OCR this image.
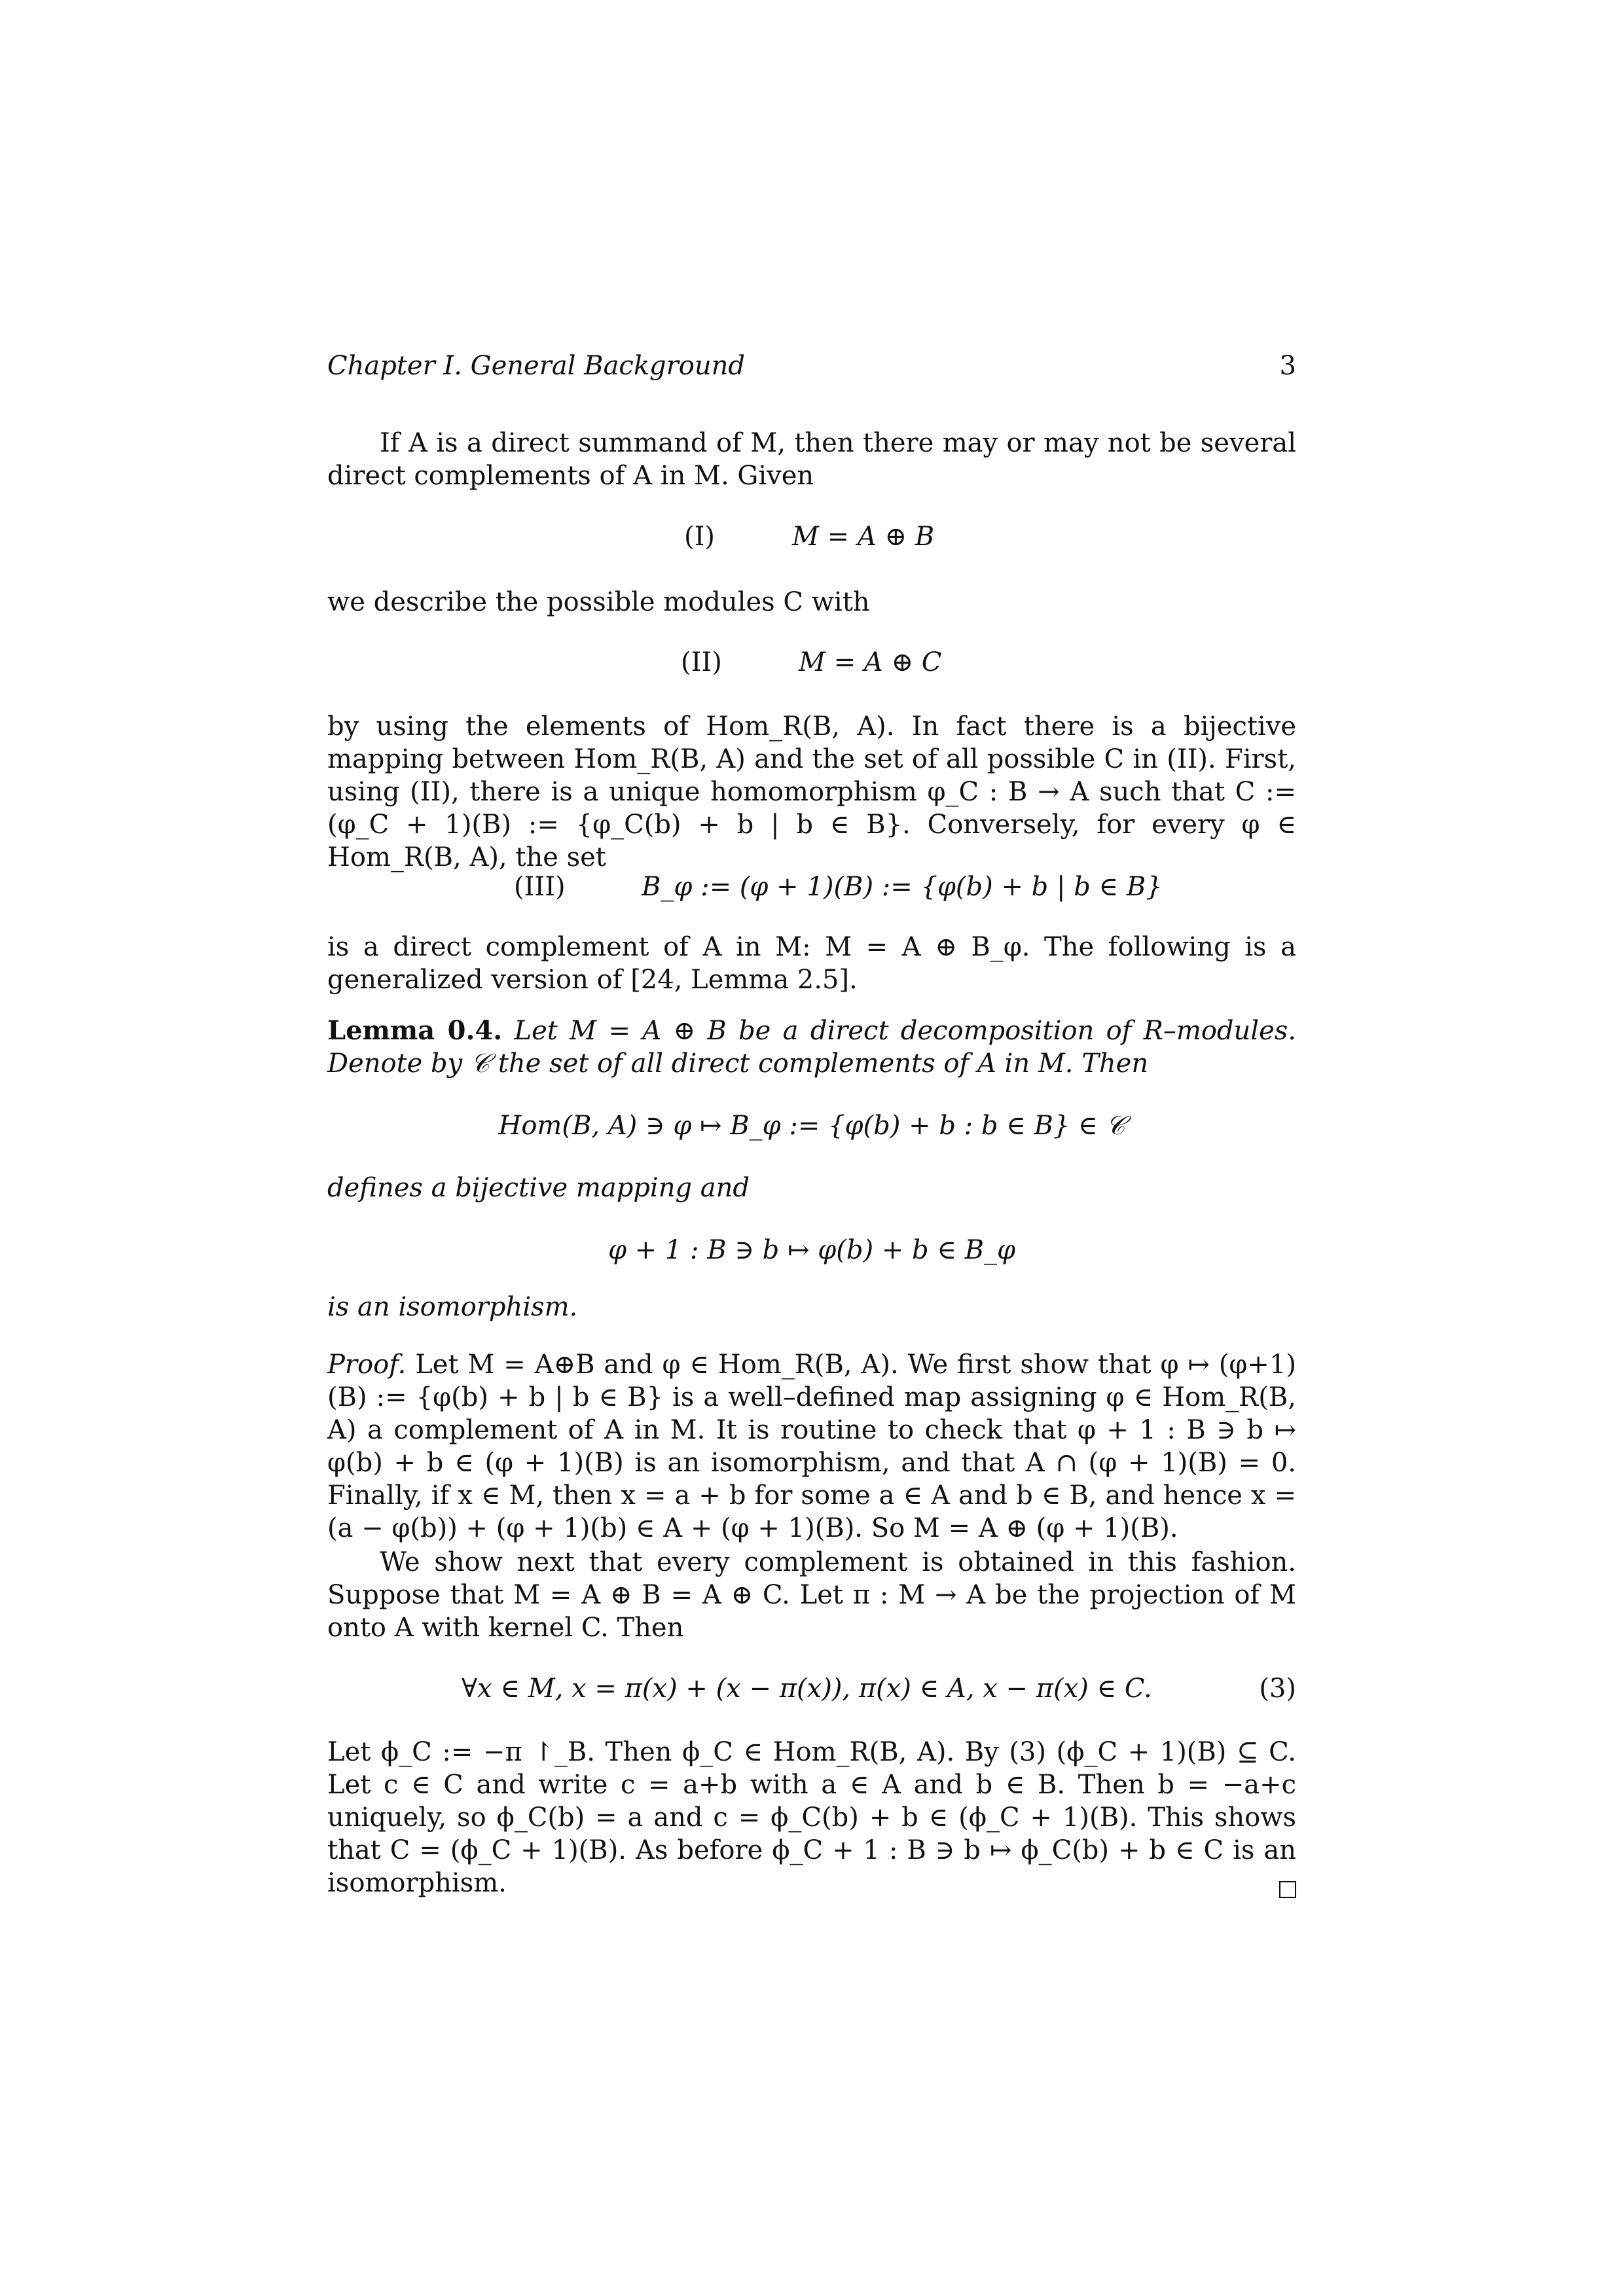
Chapter I. General Background	3

If A is a direct summand of M, then there may or may not be several direct complements of A in M. Given

(I)	M = A ⊕ B

we describe the possible modules C with

(II)	M = A ⊕ C

by using the elements of Hom_R(B, A). In fact there is a bijective mapping between Hom_R(B, A) and the set of all possible C in (II). First, using (II), there is a unique homomorphism φ_C : B → A such that C := (φ_C + 1)(B) := {φ_C(b) + b | b ∈ B}. Conversely, for every φ ∈ Hom_R(B, A), the set

(III)	B_φ := (φ + 1)(B) := {φ(b) + b | b ∈ B}

is a direct complement of A in M: M = A ⊕ B_φ. The following is a generalized version of [24, Lemma 2.5].

Lemma 0.4. Let M = A ⊕ B be a direct decomposition of R–modules. Denote by 𝒞 the set of all direct complements of A in M. Then

Hom(B, A) ∋ φ ↦ B_φ := {φ(b) + b : b ∈ B} ∈ 𝒞

defines a bijective mapping and

φ + 1 : B ∋ b ↦ φ(b) + b ∈ B_φ

is an isomorphism.

Proof. Let M = A⊕B and φ ∈ Hom_R(B, A). We first show that φ ↦ (φ+1)(B) := {φ(b) + b | b ∈ B} is a well–defined map assigning φ ∈ Hom_R(B, A) a complement of A in M. It is routine to check that φ + 1 : B ∋ b ↦ φ(b) + b ∈ (φ + 1)(B) is an isomorphism, and that A ∩ (φ + 1)(B) = 0. Finally, if x ∈ M, then x = a + b for some a ∈ A and b ∈ B, and hence x = (a − φ(b)) + (φ + 1)(b) ∈ A + (φ + 1)(B). So M = A ⊕ (φ + 1)(B).

We show next that every complement is obtained in this fashion. Suppose that M = A ⊕ B = A ⊕ C. Let π : M → A be the projection of M onto A with kernel C. Then

∀x ∈ M, x = π(x) + (x − π(x)), π(x) ∈ A, x − π(x) ∈ C.	(3)

Let ϕ_C := −π ↾_B. Then ϕ_C ∈ Hom_R(B, A). By (3) (ϕ_C + 1)(B) ⊆ C. Let c ∈ C and write c = a+b with a ∈ A and b ∈ B. Then b = −a+c uniquely, so ϕ_C(b) = a and c = ϕ_C(b) + b ∈ (ϕ_C + 1)(B). This shows that C = (ϕ_C + 1)(B). As before ϕ_C + 1 : B ∋ b ↦ ϕ_C(b) + b ∈ C is an isomorphism.
